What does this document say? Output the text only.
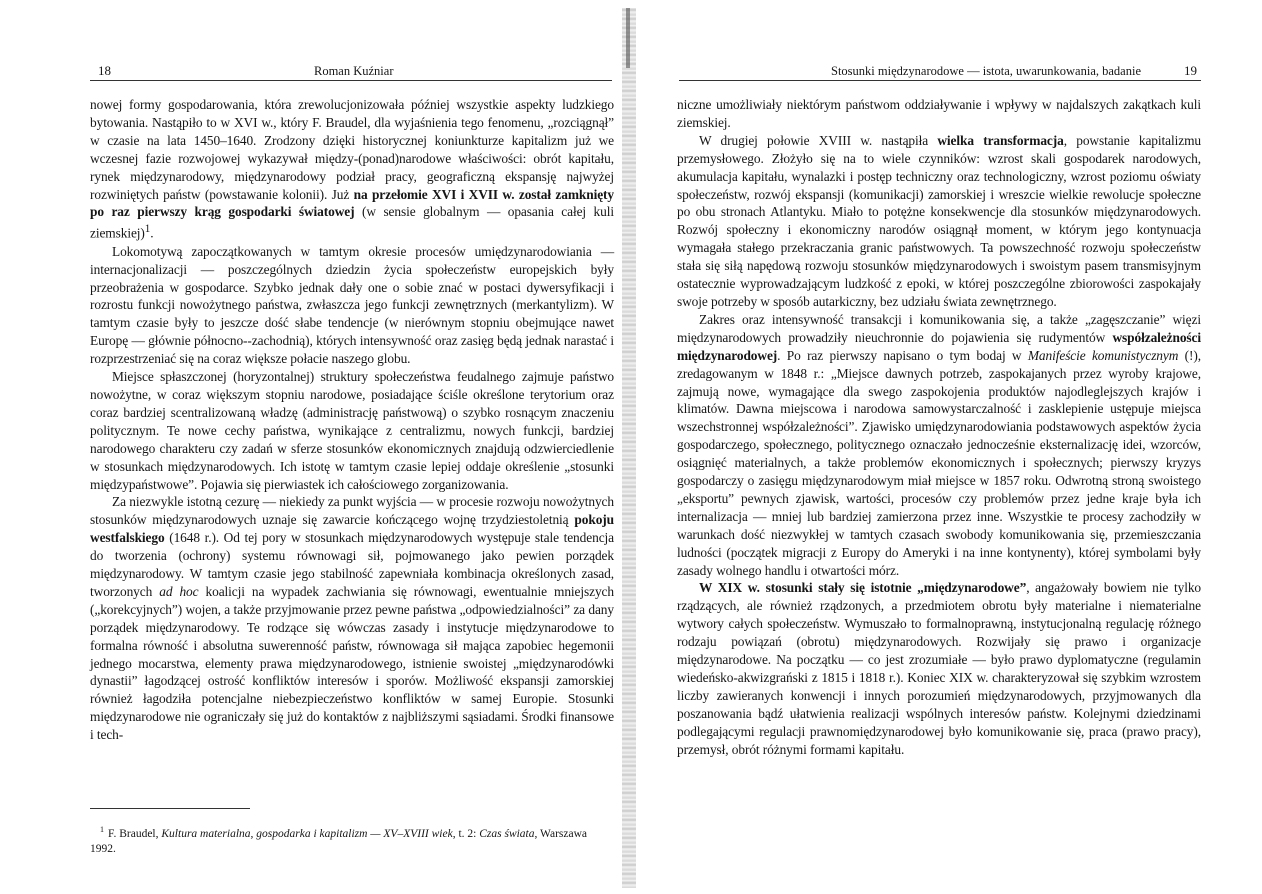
18	Roman Kuźniar

nowej formy gospodarowania, która zrewolucjonizowała później wszystkie aspekty ludzkiego bytowania. Nastąpiło to w XVI w., który F. Braudel, dla wyjaśnienia tego fenomenu, „rozciągnął” w czasie na lata 1450–1640. Zrodzony dzięki historycznej koniunkturze kapitalizm już we wczesnej fazie rozwojowej wykazywał między-(ponad)narodowe właściwości: obrót kapitału, rynek międzynarodowy, międzynarodowy podział pracy, geograficzną ekspansję najwyżej rozwiniętych państw (powstawanie kolonii). Już na przełomie XVI i XVII w. został zamknięty po raz pierwszy krąg gospodarki światowej (w sensie globalnym — opasania całej kuli ziemskiej)$^1$.

Lokomotywą zapoczątkowanych w tamtym okresie procesów umiędzynarodowiania — internacjonalizacji — poszczególnych dziedzin życia społeczeństw europejskich były przeobrażenia w gospodarce. Szybko jednak dały one o sobie znać w postaci dywersyfikacji i rozrostu funkcji nowożytnego państwa, zwłaszcza jego funkcji zewnętrznych (merkantylizm). W tamtym czasie były to jeszcze dość słabe tendencje (w nierównym stopniu obejmujące nawet Europę — głównie północno--zachodnią), których intensywność oraz zasięg będą jednak narastać i rozprzestrzeniać się na coraz większe połacie naszego globu.

Miejsce spłaszczonej (horyzontalnej) struktury społeczeństwa feudalnego zajmuje państwo nowożytne, w coraz większym stopniu narodowe, posiadające ściśle określone terytorium oraz coraz bardziej scentralizowaną władzę (administrację państwową) o szybko rosnącym znaczeniu politycznym. Te nowe cechy państwa, wynikające z centralizmu, nowych funkcji, bardziej narodowego charakteru czy zadań w sferze stosunków ekonomicznych znajdują odzwierciedlenie w stosunkach międzynarodowych. Ich istotę w tamtym czasie lepiej oddaje określenie „stosunki międzypaństwowe”. Pojawia się pierwiastek ich całościowego zorganizowania.

Za niezwykle istotną cezurę — niekiedy za punkt wyjścia — w procesie rozwoju nowożytnych stosunków międzynarodowych uznaje się zawarcie kończącego wojnę trzydziestoletnią pokoju westfalskiego (1648 r.). Od tej pory w stosunkach międzynarodowych występuje stale tendencja do tworzenia (ochrony) systemu równowagi sił, pojmowanego jako pewien porządek międzynarodowy. W tamtym czasie jego stabilność zapewniała kombinacja określonych zasad, tworzonych ad hoc koalicji na wypadek zachwiania się równowagi, ewentualnie mniejszych („korekcyjnych”) wojen, a także przyjmowanie przez pewne państwa „odpowiedzialności” za dany porządek międzynarodowy. Te rodzące się wówczas zasady i instytucje międzynarodowe to formalna równość i absolutna suwerenność państw, równowaga sił mająca zapobiec hegemonii jednego mocarstwa, elementy prawa międzynarodowego, istnienie swoistej „międzynarodówki dynastii” łagodzącej ostrość konfliktów interesów i sporów. Możliwość ekspansji zamorskiej również łagodziła potencjalne niebezpieczeństwo konfliktów w samej Europie. Stosunki międzynarodowe nie ograniczały się już do kontaktów z najbliższymi sąsiadami. Środki finansowe i tech-

$^1$ F. Braudel, Kultura materialna, gospodarka i kapitalizm — XV–XVIII wiek, t. 2: Czas świata, Warszawa 1992.
Stosunki międzynarodowe — istota, uwarunkowania, badanie	19

niczne umożliwiały niektórym państwom oddziaływanie i wpływy w najdalszych zakątkach kuli ziemskiej.

W drugiej połowie XVIII w. nastąpiła wielka transformacja, powstanie kapitalizmu przemysłowego. Złożyło się na to wiele czynników: wzrost skali gospodarek narodowych, akumulacja kapitału, wynalazki i postęp techniczny oraz technologiczny, wzrost poziomu oświaty społeczeństw, rozwój ekspansji (komunikacji) zamorskiej i wreszcie wielkie rewolucje społeczne po obu stronach Atlantyku. Miało to potężne konsekwencje dla stosunków międzynarodowych. Rozwój społeczny i ekonomiczny narodów osiągnął moment, w którym jego kontynuacja wymagała stałego przekraczania granic państwowych. Ta powszechność rozwoju społeczeństw stała się siłą napędową rozwoju stosunków międzynarodowych i swoistym pasem transmisyjnym ostatecznie wyprowadzającym ludzkość z epoki, w której poszczególne zbiorowości zaspokajały swoje potrzeby w sposób autarkiczny, bez udziału świata zewnętrznego.

Zakres oraz intensywność transakcji i komunikowania się, a także „zagęszczanie” więzi międzynarodowych prowadziły nieuchronnie do pojawienia się rudymentów współzależności międzynarodowej. Po raz pierwszy napisano o tym bodaj w Manifeście komunistycznym (!), zredagowanym w 1848 r.: „Miejsce dawnych potrzeb, zaspokajanych przez wyroby krajowe, zajmują nowe, wymagające dla swego zaspokojenia produktów najodleglejszych krajów i klimatów. Dawna miejscowa i narodowa samowystarczalność i zasklepienie ustępuje miejsca wszechstronnej współzależności”. Zjawisko umiędzynarodowiania podstawowych aspektów życia gospodarczego, społecznego, politycznego oznaczało jednocześnie eksternalizację idei, wzorców, osiągnięć materialnych, a także problemów ekonomicznych i społecznych; pierwszy kryzys gospodarczy o zasięgu międzynarodowym miał miejsce w 1857 roku. Odwrotną stroną swoistego „eksportu” pewnych zjawisk, wartości, procesów czy problemów przez jedne kraje była ich internalizacja — mniej lub bardziej zamierzona przez inne. Wszystkie te procesy zachodziły w warunkach dość niezwykłej w tamtych czasach swobody komunikowania się, przemieszczania ludności (początek migracji z Europy do Ameryki i na inne kontynenty), której symbolami były zasady wolnego handlu i otwartości mórz.

W XIX w. stosunki stały się istotnie „międzynarodowe”, angażowały bowiem nie tylko rządzących, ale również rządzonych, a przedmiotem obrotu były materialne i niematerialne wytwory całych społeczeństw. Wymuszało to formalnoprawną, instytucjonalną regulację różnego rodzaju powiązań (obrotu) międzynarodowych. Rozwijały się prawo i organizacje międzynarodowe. Na początku — co jest zrozumiałe — było prawo dyplomatyczne (regulamin wiedeńsko-akwizgrański z 1815 i 1818 r.). Koniec XIX w. charakteryzował się szybkim wzrostem liczby zawieranych konwencji i innych porozumień międzynarodowych, przyjmowanych dla poszanowania bądź ułatwienia realizacji wspólnych interesów państw. Kolejnymi dziedzinami podlegającymi regulacji prawnomiędzynarodowej było komunikowanie się, praca (prawo pracy), przemysł, obrót różnymi formami kapitału.
